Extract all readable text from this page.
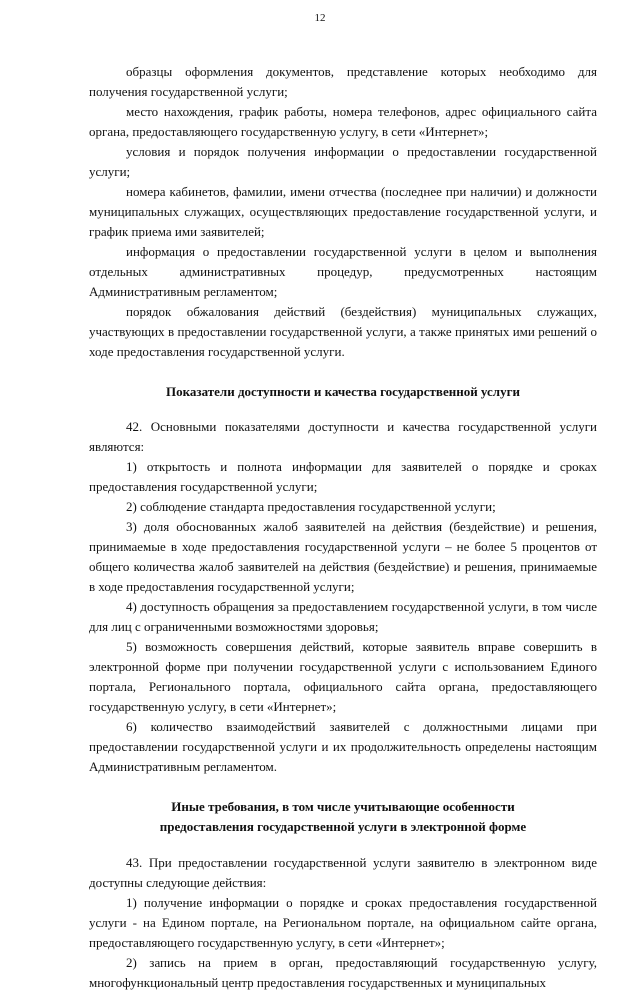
12

образцы оформления документов, представление которых необходимо для получения государственной услуги;

место нахождения, график работы, номера телефонов, адрес официального сайта органа, предоставляющего государственную услугу, в сети «Интернет»;

условия и порядок получения информации о предоставлении государственной услуги;

номера кабинетов, фамилии, имени отчества (последнее при наличии) и должности муниципальных служащих, осуществляющих предоставление государственной услуги, и график приема ими заявителей;

информация о предоставлении государственной услуги в целом и выполнения отдельных административных процедур, предусмотренных настоящим Административным регламентом;

порядок обжалования действий (бездействия) муниципальных служащих, участвующих в предоставлении государственной услуги, а также принятых ими решений о ходе предоставления государственной услуги.

Показатели доступности и качества государственной услуги

42. Основными показателями доступности и качества государственной услуги являются:

1) открытость и полнота информации для заявителей о порядке и сроках предоставления государственной услуги;

2) соблюдение стандарта предоставления государственной услуги;

3) доля обоснованных жалоб заявителей на действия (бездействие) и решения, принимаемые в ходе предоставления государственной услуги – не более 5 процентов от общего количества жалоб заявителей на действия (бездействие) и решения, принимаемые в ходе предоставления государственной услуги;

4) доступность обращения за предоставлением государственной услуги, в том числе для лиц с ограниченными возможностями здоровья;

5) возможность совершения действий, которые заявитель вправе совершить в электронной форме при получении государственной услуги с использованием Единого портала, Регионального портала, официального сайта органа, предоставляющего государственную услугу, в сети «Интернет»;

6) количество взаимодействий заявителей с должностными лицами при предоставлении государственной услуги и их продолжительность определены настоящим Административным регламентом.

Иные требования, в том числе учитывающие особенности

предоставления государственной услуги в электронной форме

43. При предоставлении государственной услуги заявителю в электронном виде доступны следующие действия:

1) получение информации о порядке и сроках предоставления государственной услуги - на Едином портале, на Региональном портале, на официальном сайте органа, предоставляющего государственную услугу, в сети «Интернет»;

2) запись на прием в орган, предоставляющий государственную услугу, многофункциональный центр предоставления государственных и муниципальных
